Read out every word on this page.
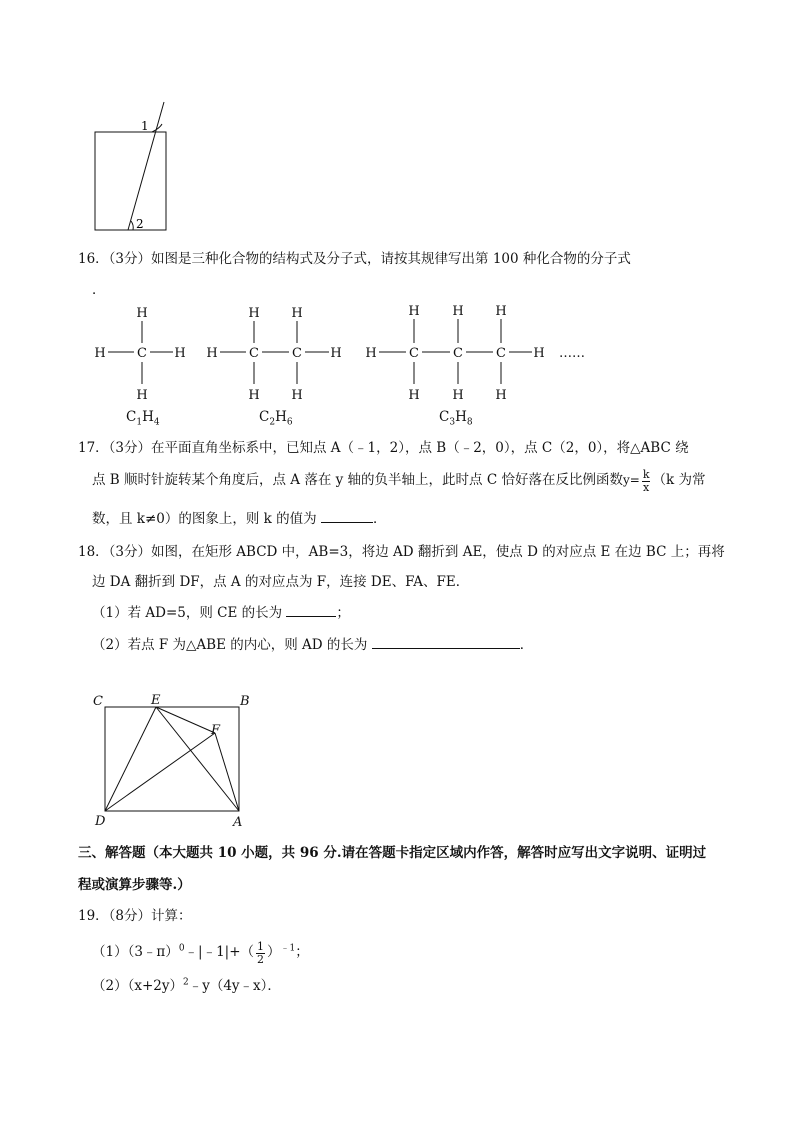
1
2
16．（3分）如图是三种化合物的结构式及分子式，请按其规律写出第 100 种化合物的分子式
．
H
H C H
H
H H
H C	C H
H H
H	H H
H C	C	C H
H	H H
……
$C_1H_4$	$C_2H_6$	$C_3H_8$
17．（3分）在平面直角坐标系中，已知点 A（﹣1，2），点 B（﹣2，0），点 C（2，0），将△ABC 绕
点 B 顺时针旋转某个角度后，点 A 落在 y 轴的负半轴上，此时点 C 恰好落在反比例函数$y= \frac{k}{x} (k$ 为常
数，且 k≠0）的图象上，则 k 的值为	．
18．（3分）如图，在矩形 ABCD 中，AB=3，将边 AD 翻折到 AE，使点 D 的对应点 E 在边 BC 上；再将
边 DA 翻折到 DF，点 A 的对应点为 F，连接 DE、FA、FE．
（1）若 AD=5，则 CE 的长为	；
（2）若点 F 为△ABE 的内心，则 AD 的长为	．
C	E	B
F
D	A
三、解答题（本大题共 10 小题，共 96 分.请在答题卡指定区域内作答，解答时应写出文字说明、证明过
程或演算步骤等.）
19．（8分）计算：
（1）（3﹣π）$^0$﹣|﹣1|+（ $\frac{1}{2} )^{﹣1}$；
$(2)(x+2y)^2﹣y(4y﹣x)$．
